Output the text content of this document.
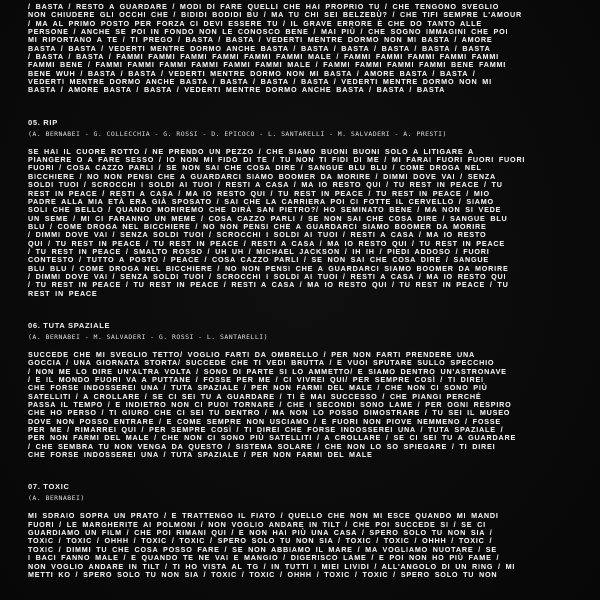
/ BASTA / RESTO A GUARDARE / MODI DI FARE QUELLI CHE HAI PROPRIO TU / CHE TENGONO SVEGLIO
NON CHIUDERE GLI OCCHI CHE / BIDIDI BODIDI BU / MA TU CHI SEI BELZEBÙ? / CHE TIFI SEMPRE L'AMOUR
/ MA AL PRIMO POSTO PER FORZA CI DEVI ESSERE TU / IL GRAVE ERRORE È CHE DO TANTO ALLE
PERSONE / ANCHE SE POI IN FONDO NON LE CONOSCO BENE / MAI PIÙ / CHE SOGNO IMMAGINI CHE POI
MI RIPORTANO A TE / TI PREGO / BASTA / BASTA / VEDERTI MENTRE DORMO NON MI BASTA / AMORE
BASTA / BASTA / VEDERTI MENTRE DORMO ANCHE BASTA / BASTA / BASTA / BASTA / BASTA / BASTA
/ BASTA / BASTA / FAMMI FAMMI FAMMI FAMMI FAMMI FAMMI MALE / FAMMI FAMMI FAMMI FAMMI FAMMI
FAMMI BENE / FAMMI FAMMI FAMMI FAMMI FAMMI FAMMI MALE / FAMMI FAMMI FAMMI FAMMI BENE FAMMI
BENE WUH / BASTA / BASTA / VEDERTI MENTRE DORMO NON MI BASTA / AMORE BASTA / BASTA /
VEDERTI MENTRE DORMO ANCHE BASTA / BASTA / BASTA / BASTA / VEDERTI MENTRE DORMO NON MI
BASTA / AMORE BASTA / BASTA / VEDERTI MENTRE DORMO ANCHE BASTA / BASTA / BASTA
05. RIP

(A. BERNABEI - G. COLLECCHIA - G. ROSSI - D. EPICOCO - L. SANTARELLI - M. SALVADERI - A. PRESTI)

SE HAI IL CUORE ROTTO / NE PRENDO UN PEZZO / CHE SIAMO BUONI BUONI SOLO A LITIGARE A
PIANGERE O A FARE SESSO / IO NON MI FIDO DI TE / TU NON TI FIDI DI ME / MI FARAI FUORI FUORI FUORI
FUORI / COSA CAZZO PARLI / SE NON SAI CHE COSA DIRE / SANGUE BLU BLU / COME DROGA NEL
BICCHIERE / NO NON PENSI CHE A GUARDARCI SIAMO BOOMER DA MORIRE / DIMMI DOVE VAI / SENZA
SOLDI TUOI / SCROCCHI I SOLDI AI TUOI / RESTI A CASA / MA IO RESTO QUI / TU REST IN PEACE / TU
REST IN PEACE / RESTI A CASA / MA IO RESTO QUI / TU REST IN PEACE / TU REST IN PEACE / MIO
PADRE ALLA MIA ETÀ ERA GIÀ SPOSATO / SAI CHE LA CARRIERA POI CI FOTTE IL CERVELLO / SIAMO
SOLI CHE BELLO / QUANDO MORIREMO CHE DIRÀ SAN PIETRO?/ HO SEMINATO BENE / MA NON SI VEDE
UN SEME / MI CI FARANNO UN MEME / COSA CAZZO PARLI / SE NON SAI CHE COSA DIRE / SANGUE BLU
BLU / COME DROGA NEL BICCHIERE / NO NON PENSI CHE A GUARDARCI SIAMO BOOMER DA MORIRE
/ DIMMI DOVE VAI / SENZA SOLDI TUOI / SCROCCHI I SOLDI AI TUOI / RESTI A CASA / MA IO RESTO
QUI / TU REST IN PEACE / TU REST IN PEACE / RESTI A CASA / MA IO RESTO QUI / TU REST IN PEACE
/ TU REST IN PEACE / SMALTO ROSSO / UH UH / MICHAEL JACKSON / IH IH / PIEDI ADDOSO / FUORI
CONTESTO / TUTTO A POSTO / PEACE / COSA CAZZO PARLI / SE NON SAI CHE COSA DIRE / SANGUE
BLU BLU / COME DROGA NEL BICCHIERE / NO NON PENSI CHE A GUARDARCI SIAMO BOOMER DA MORIRE
/ DIMMI DOVE VAI / SENZA SOLDI TUOI / SCROCCHI I SOLDI AI TUOI / RESTI A CASA / MA IO RESTO QUI
/ TU REST IN PEACE / TU REST IN PEACE / RESTI A CASA / MA IO RESTO QUI / TU REST IN PEACE / TU
REST IN PEACE
06. TUTA SPAZIALE

(A. BERNABEI - M. SALVADERI - G. ROSSI - L. SANTARELLI)

SUCCEDE CHE MI SVEGLIO TETTO/ VOGLIO FARTI DA OMBRELLO / PER NON FARTI PRENDERE UNA
GOCCIA / UNA GIORNATA STORTA/ SUCCEDE CHE TI VEDI BRUTTA / E VUOI SPUTARE SULLO SPECCHIO
/ NON ME LO DIRE UN'ALTRA VOLTA / SONO DI PARTE SI LO AMMETTO/ E SIAMO DENTRO UN'ASTRONAVE
/ E IL MONDO FUORI VA A PUTTANE / FOSSE PER ME / CI VIVREI QUI/ PER SEMPRE COSÌ / TI DIREI
CHE FORSE INDOSSEREI UNA / TUTA SPAZIALE / PER NON FARMI DEL MALE / CHE NON CI SONO PIÙ
SATELLITI / A CROLLARE / SE CI SEI TU A GUARDARE / TI È MAI SUCCESSO / CHE PIANGI PERCHÉ
PASSA IL TEMPO / E INDIETRO NON CI PUOI TORNARE / CHE I SECONDI SONO LAME / PER OGNI RESPIRO
CHE HO PERSO / TI GIURO CHE CI SEI TU DENTRO / MA NON LO POSSO DIMOSTRARE / TU SEI IL MUSEO
DOVE NON POSSO ENTRARE / E COME SEMPRE NON USCIAMO / E FUORI NON PIOVE NEMMENO / FOSSE
PER ME / RIMARREI QUI / PER SEMPRE COSÌ / TI DIREI CHE FORSE INDOSSEREI UNA / TUTA SPAZIALE /
PER NON FARMI DEL MALE / CHE NON CI SONO PIÙ SATELLITI / A CROLLARE / SE CI SEI TU A GUARDARE
/ CHE SEMBRA TU NON VENGA DA QUESTO / SISTEMA SOLARE / CHE NON LO SO SPIEGARE / TI DIREI
CHE FORSE INDOSSEREI UNA / TUTA SPAZIALE / PER NON FARMI DEL MALE
07. TOXIC

(A. BERNABEI)

MI SDRAIO SOPRA UN PRATO / E TRATTENGO IL FIATO / QUELLO CHE NON MI ESCE QUANDO MI MANDI
FUORI / LE MARGHERITE AI POLMONI / NON VOGLIO ANDARE IN TILT / CHE POI SUCCEDE SI / SE CI
GUARDIAMO UN FILM / CHE POI RIMANI QUI / E NON HAI PIÙ UNA CASA / SPERO SOLO TU NON SIA /
TOXIC / TOXIC / OHHH / TOXIC / TOXIC / SPERO SOLO TU NON SIA / TOXIC / TOXIC / OHHH / TOXIC /
TOXIC / DIMMI TU CHE COSA POSSO FARE / SE NON ABBIAMO IL MARE / MA VOGLIAMO NUOTARE / SE
I BACI FANNO MALE / E QUANDO TE NE VAI E MANGIO / DIGERISCO LAME / E POI NON HO PIÙ FAME /
NON VOGLIO ANDARE IN TILT / TI HO VISTA AL TG / IN TUTTI I MIEI LIVIDI / ALL'ANGOLO DI UN RING / MI
METTI KO / SPERO SOLO TU NON SIA / TOXIC / TOXIC / OHHH / TOXIC / TOXIC / SPERO SOLO TU NON
